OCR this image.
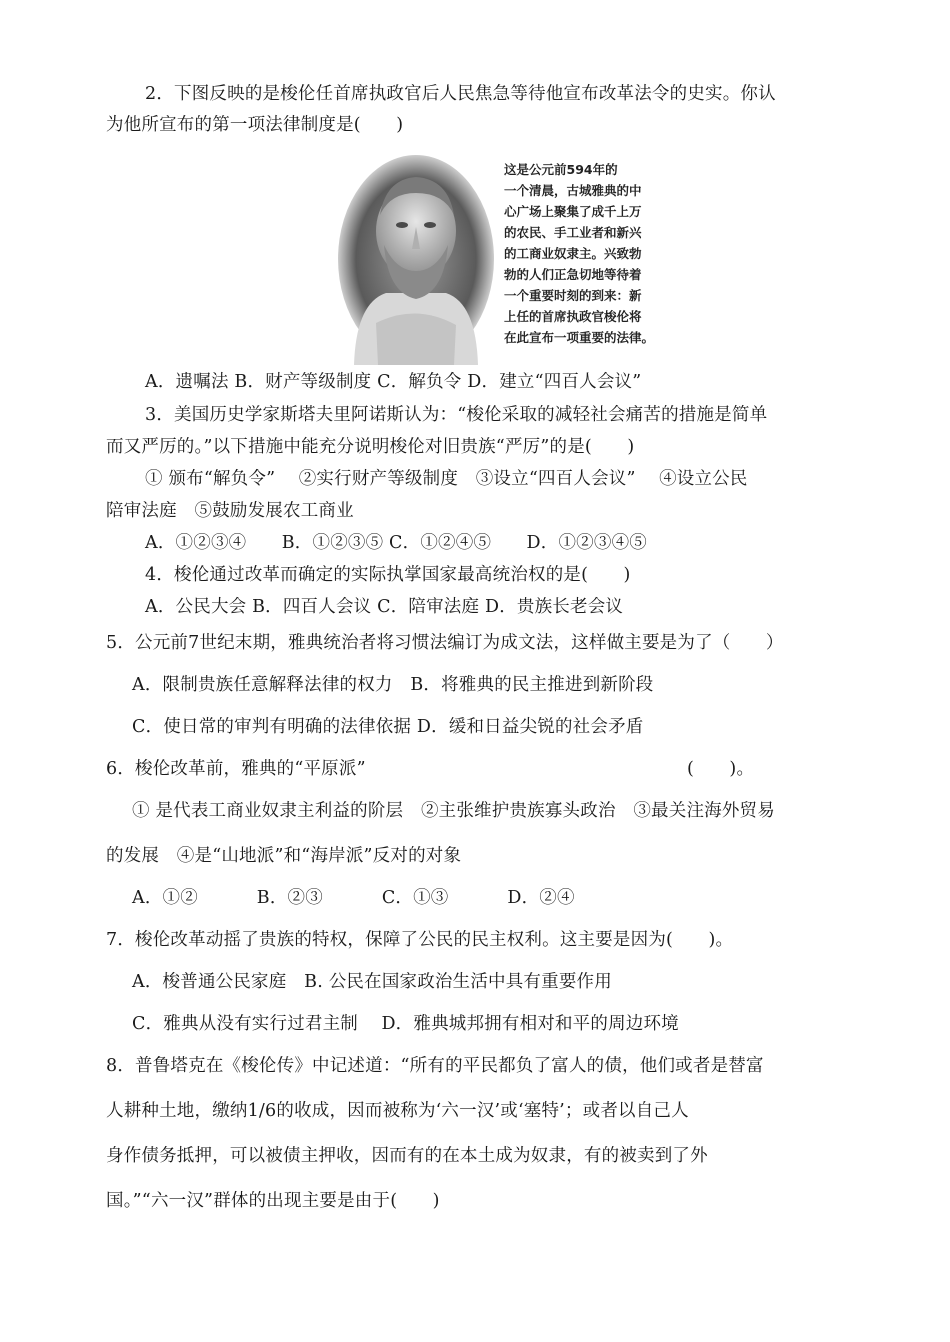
2．下图反映的是梭伦任首席执政官后人民焦急等待他宣布改革法令的史实。你认
为他所宣布的第一项法律制度是(　　)
这是公元前594年的
一个清晨，古城雅典的中
心广场上聚集了成千上万
的农民、手工业者和新兴
的工商业奴隶主。兴致勃
勃的人们正急切地等待着
一个重要时刻的到来：新
上任的首席执政官梭伦将
在此宣布一项重要的法律。
A．遗嘱法 B．财产等级制度 C．解负令 D．建立“四百人会议”
3．美国历史学家斯塔夫里阿诺斯认为：“梭伦采取的减轻社会痛苦的措施是简单
而又严厉的。”以下措施中能充分说明梭伦对旧贵族“严厉”的是(　　)
① 颁布“解负令”　 ②实行财产等级制度　③设立“四百人会议”　 ④设立公民
陪审法庭　⑤鼓励发展农工商业
A．①②③④　　B．①②③⑤ C．①②④⑤　　D．①②③④⑤
4．梭伦通过改革而确定的实际执掌国家最高统治权的是(　　)
A．公民大会 B．四百人会议 C．陪审法庭 D．贵族长老会议
5．公元前7世纪末期，雅典统治者将习惯法编订为成文法，这样做主要是为了（　　）
A．限制贵族任意解释法律的权力　B．将雅典的民主推进到新阶段
C．使日常的审判有明确的法律依据 D．缓和日益尖锐的社会矛盾
6．梭伦改革前，雅典的“平原派”	(　　)。
① 是代表工商业奴隶主利益的阶层　②主张维护贵族寡头政治　③最关注海外贸易
的发展　④是“山地派”和“海岸派”反对的对象
A．①②　　　 B．②③　　　 C．①③　　　 D．②④
7．梭伦改革动摇了贵族的特权，保障了公民的民主权利。这主要是因为(　　)。
A．梭普通公民家庭　B. 公民在国家政治生活中具有重要作用
C．雅典从没有实行过君主制　 D．雅典城邦拥有相对和平的周边环境
8．普鲁塔克在《梭伦传》中记述道：“所有的平民都负了富人的债，他们或者是替富
人耕种土地，缴纳1/6的收成，因而被称为‘六一汉’或‘塞特’；或者以自己人
身作债务抵押，可以被债主押收，因而有的在本土成为奴隶，有的被卖到了外
国。”“六一汉”群体的出现主要是由于(　　)
